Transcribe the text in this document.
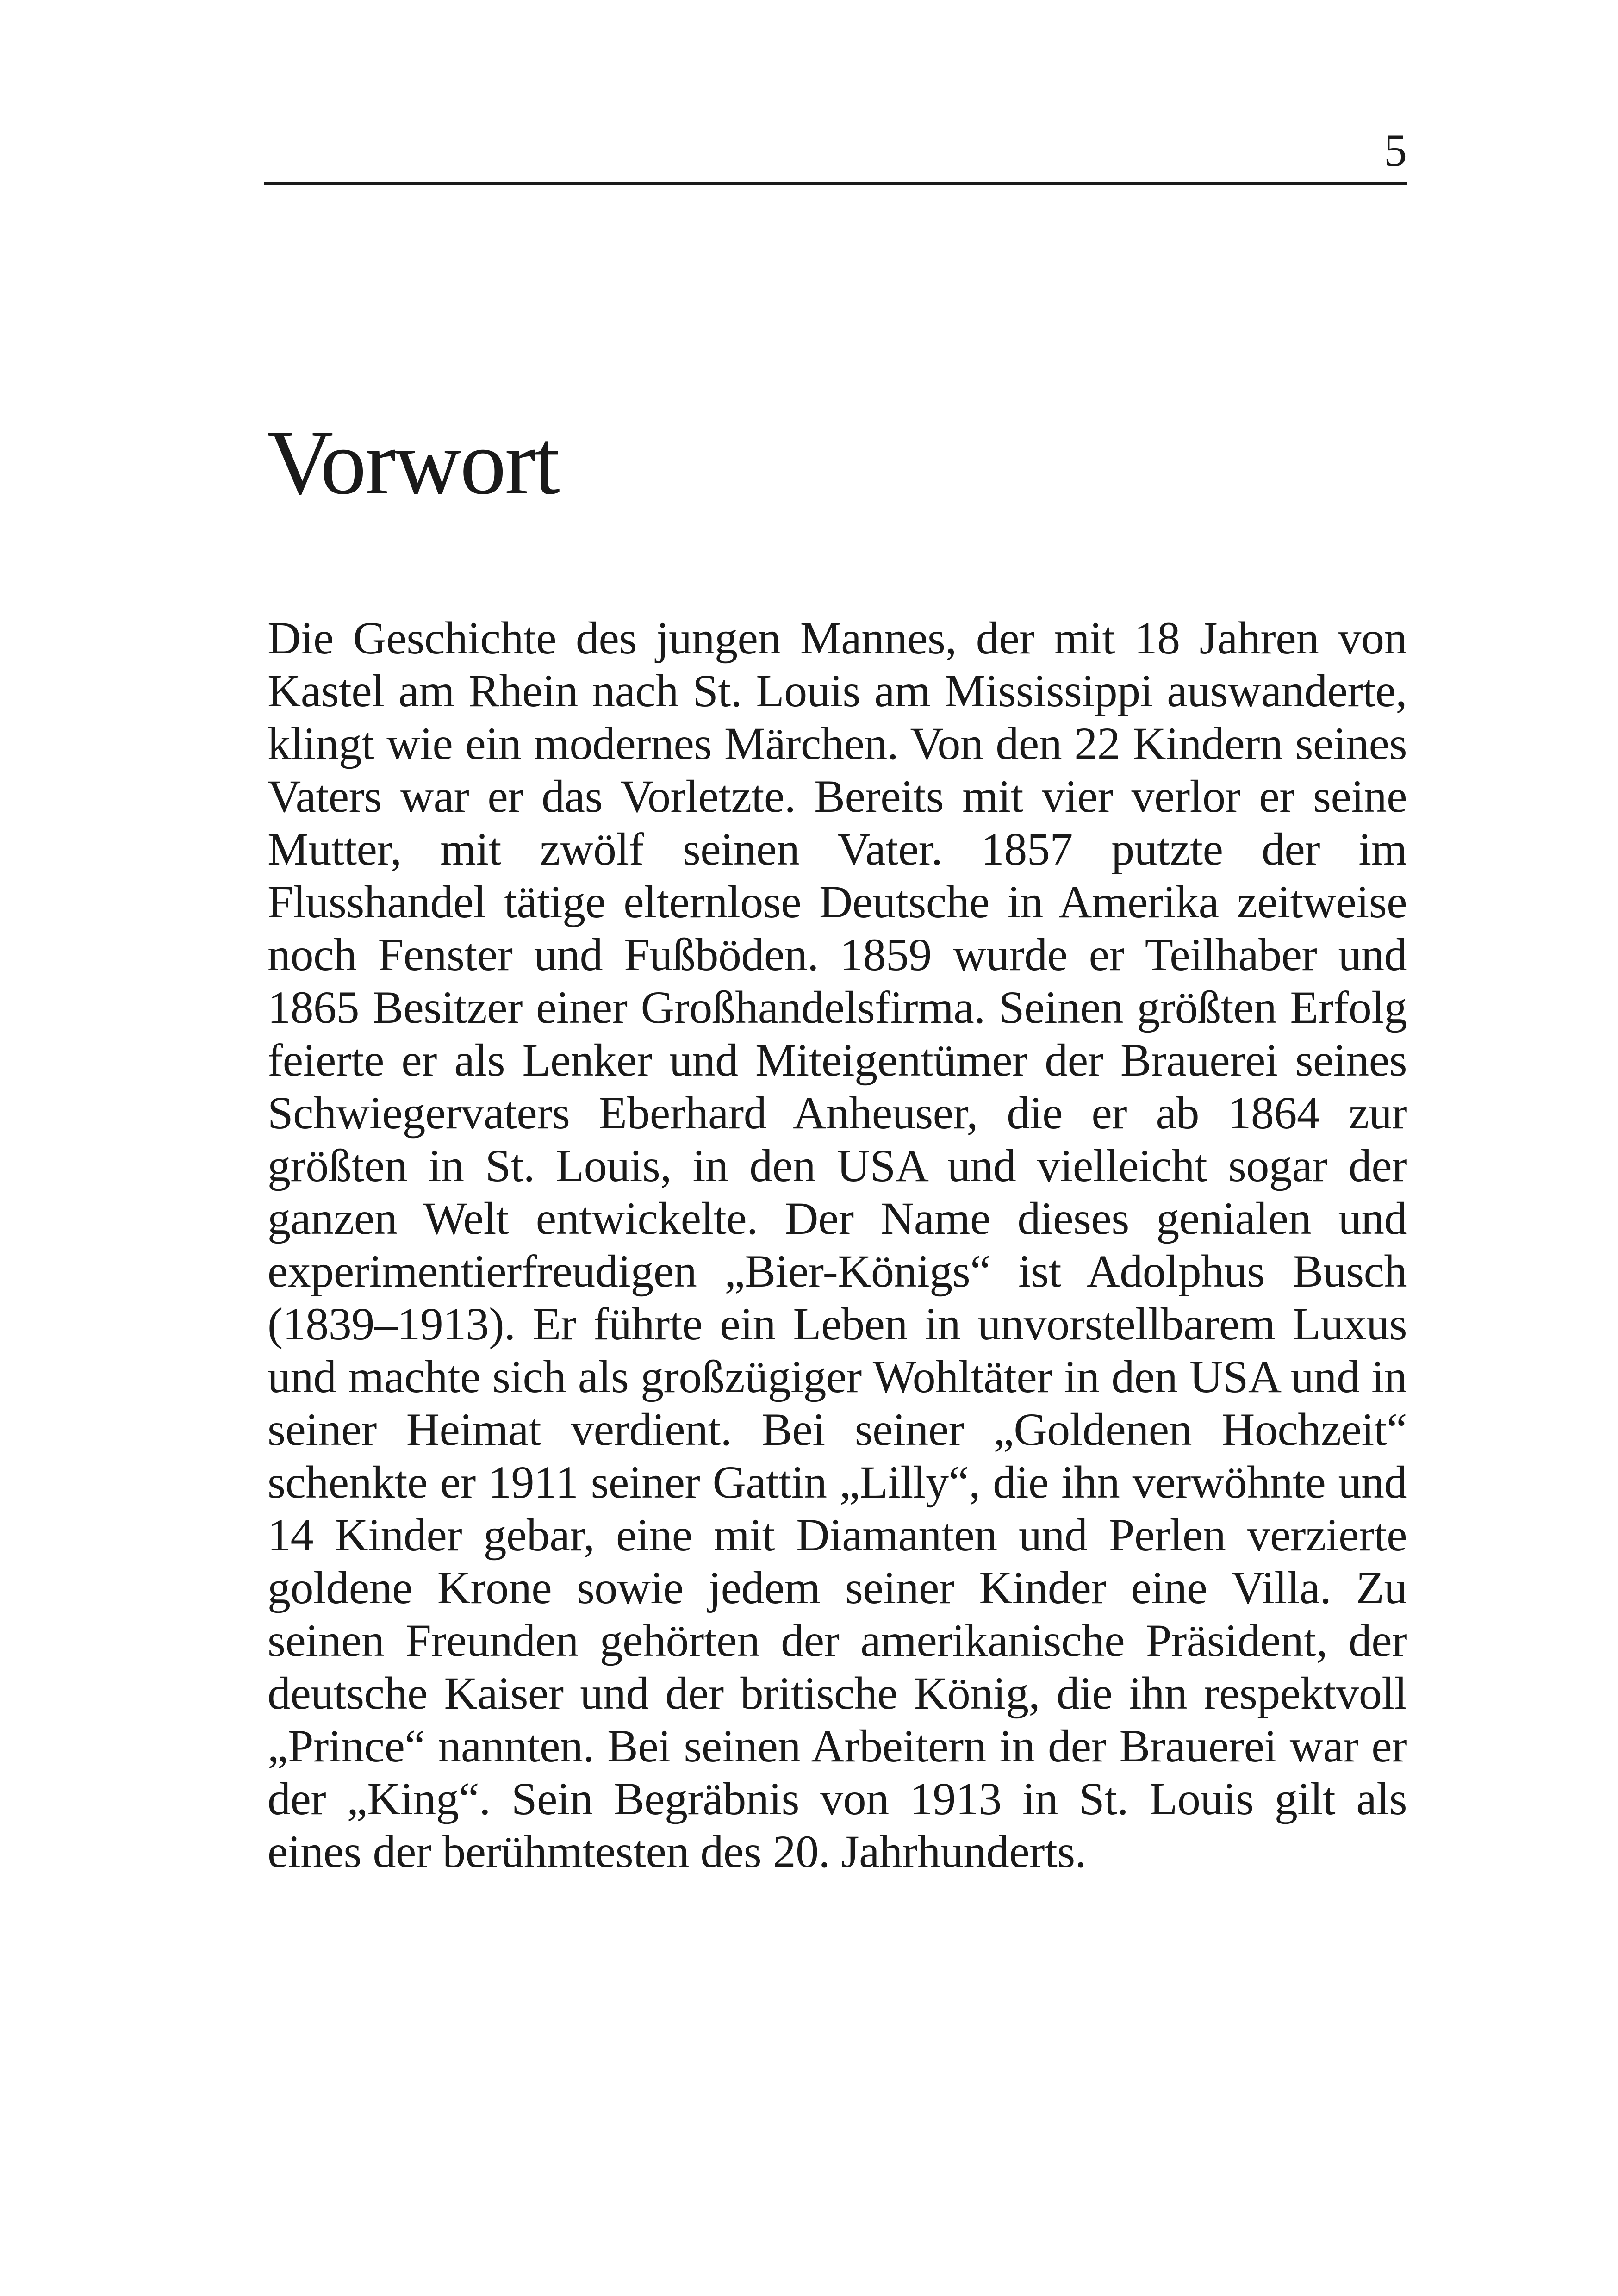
5
Vorwort

Die Geschichte des jungen Mannes, der mit 18 Jahren von Kastel am Rhein nach St. Louis am Mississippi auswanderte, klingt wie ein modernes Märchen. Von den 22 Kindern seines Vaters war er das Vorletzte. Bereits mit vier verlor er seine Mutter, mit zwölf seinen Vater. 1857 putzte der im Flusshandel tätige elternlose Deutsche in Amerika zeitweise noch Fenster und Fußböden. 1859 wurde er Teilhaber und 1865 Besitzer einer Großhandelsfirma. Seinen größten Erfolg feierte er als Lenker und Miteigentümer der Brauerei seines Schwiegervaters Eberhard Anheuser, die er ab 1864 zur größten in St. Louis, in den USA und vielleicht sogar der ganzen Welt entwickelte. Der Name dieses genialen und experimentierfreudigen „Bier-Königs“ ist Adolphus Busch (1839–1913). Er führte ein Leben in unvorstellbarem Luxus und machte sich als großzügiger Wohltäter in den USA und in seiner Heimat verdient. Bei seiner „Goldenen Hochzeit“ schenkte er 1911 seiner Gattin „Lilly“, die ihn verwöhnte und 14 Kinder gebar, eine mit Diamanten und Perlen verzierte goldene Krone sowie jedem seiner Kinder eine Villa. Zu seinen Freunden gehörten der amerikanische Präsident, der deutsche Kaiser und der britische König, die ihn respektvoll „Prince“ nannten. Bei seinen Arbeitern in der Brauerei war er der „King“. Sein Begräbnis von 1913 in St. Louis gilt als eines der berühmtesten des 20. Jahrhunderts.
